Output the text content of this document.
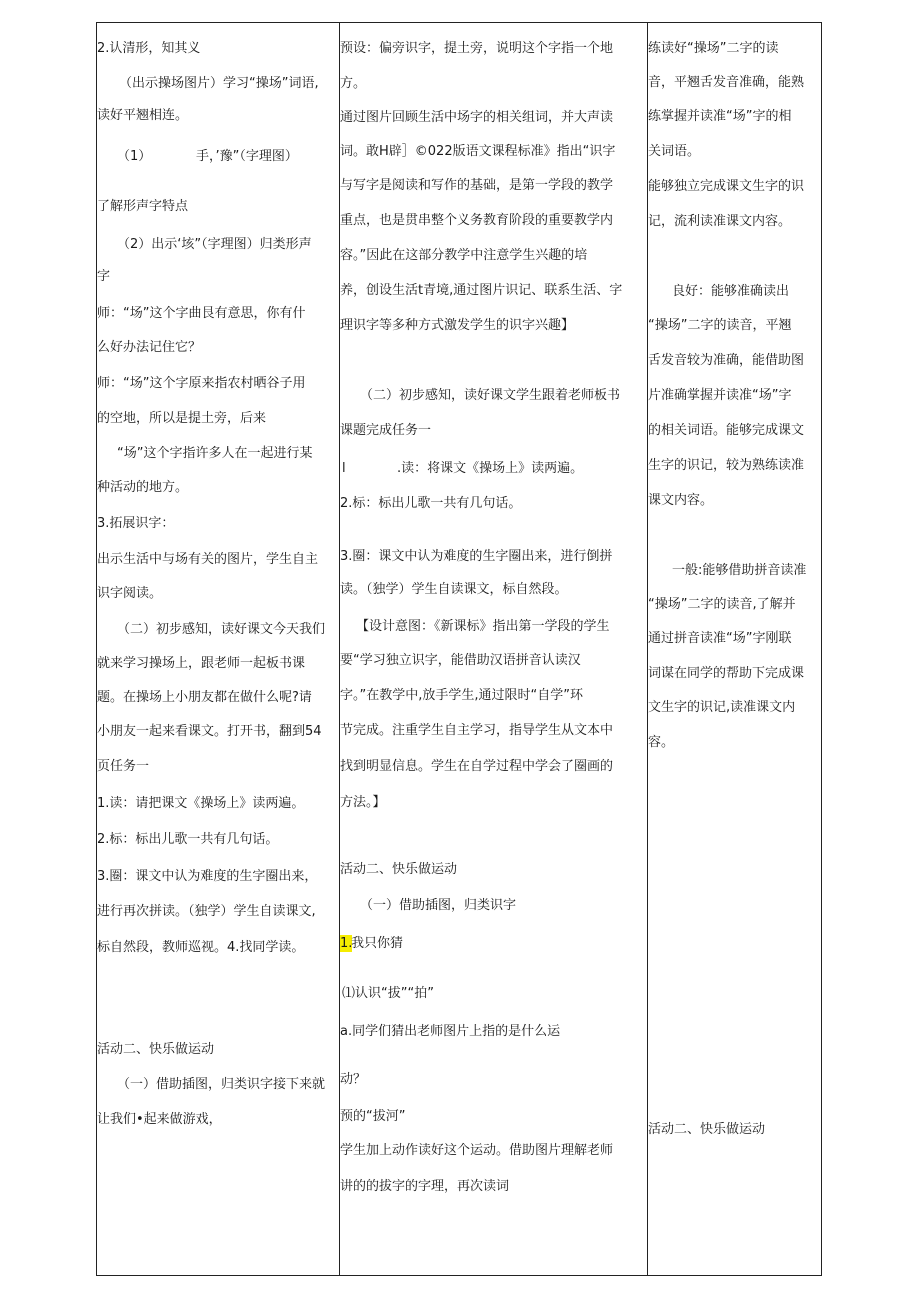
2.认清形，知其义
（出示操场图片）学习“操场”词语,
读好平翘相连。
（1）	手，’豫”（字理图）
了解形声字特点
（2）出示‘垓”（字理图）归类形声
字
师：“场”这个字曲艮有意思，你有什
么好办法记住它？
师：“场”这个字原来指农村晒谷子用
的空地，所以是提土旁，后来
“场”这个字指许多人在一起进行某
种活动的地方。
3.拓展识字：
出示生活中与场有关的图片，学生自主
识字阅读。
（二）初步感知，读好课文今天我们
就来学习操场上，跟老师一起板书课
题。在操场上小朋友都在做什么呢?请
小朋友一起来看课文。打开书，翻到54
页任务一
1.读：请把课文《操场上》读两遍。
2.标：标出儿歌一共有几句话。
3.圈：课文中认为难度的生字圈出来，
进行再次拼读。（独学）学生自读课文,
标自然段，教师巡视。4.找同学读。
活动二、快乐做运动
（一）借助插图，归类识字接下来就
让我们•起来做游戏，
预设：偏旁识字，提土旁，说明这个字指一个地
方。
通过图片回顾生活中场字的相关组词，并大声读
词。敢H辟］©022版语文课程标准》指出“识字
与写字是阅读和写作的基础，是第一学段的教学
重点，也是贯串整个义务教育阶段的重要教学内
容。”因此在这部分教学中注意学生兴趣的培
养，创设生活t青境,通过图片识记、联系生活、字
理识字等多种方式激发学生的识字兴趣】
（二）初步感知，读好课文学生跟着老师板书
课题完成任务一
l	.读：将课文《操场上》读两遍。
2.标：标出儿歌一共有几句话。
3.圈：课文中认为难度的生字圈出来，进行倒拼
读。（独学）学生自读课文，标自然段。
【设计意图：《新课标》指出第一学段的学生
要“学习独立识字，能借助汉语拼音认读汉
字。”在教学中,放手学生,通过限时“自学”环
节完成。注重学生自主学习，指导学生从文本中
找到明显信息。学生在自学过程中学会了圈画的
方法。】
活动二、快乐做运动
（一）借助插图，归类识字
1.
我只你猜
⑴认识“拔”“拍”
a.同学们猜出老师图片上指的是什么运
动？
预的“拔河”
学生加上动作读好这个运动。借助图片理解老师
讲的的拔字的字理，再次读词
练读好“操场”二字的读
音，平翘舌发音准确，能熟
练掌握并读准“场”字的相
关词语。
能够独立完成课文生字的识
记，流利读准课文内容。
良好：能够准确读出
“操场”二字的读音，平翘
舌发音较为准确，能借助图
片准确掌握并读准“场”字
的相关词语。能够完成课文
生字的识记，较为熟练读准
课文内容。
一般:能够借助拼音读准
“操场”二字的读音,了解并
通过拼音读准“场”字刚联
词谋在同学的帮助下完成课
文生字的识记,读准课文内
容。
活动二、快乐做运动
